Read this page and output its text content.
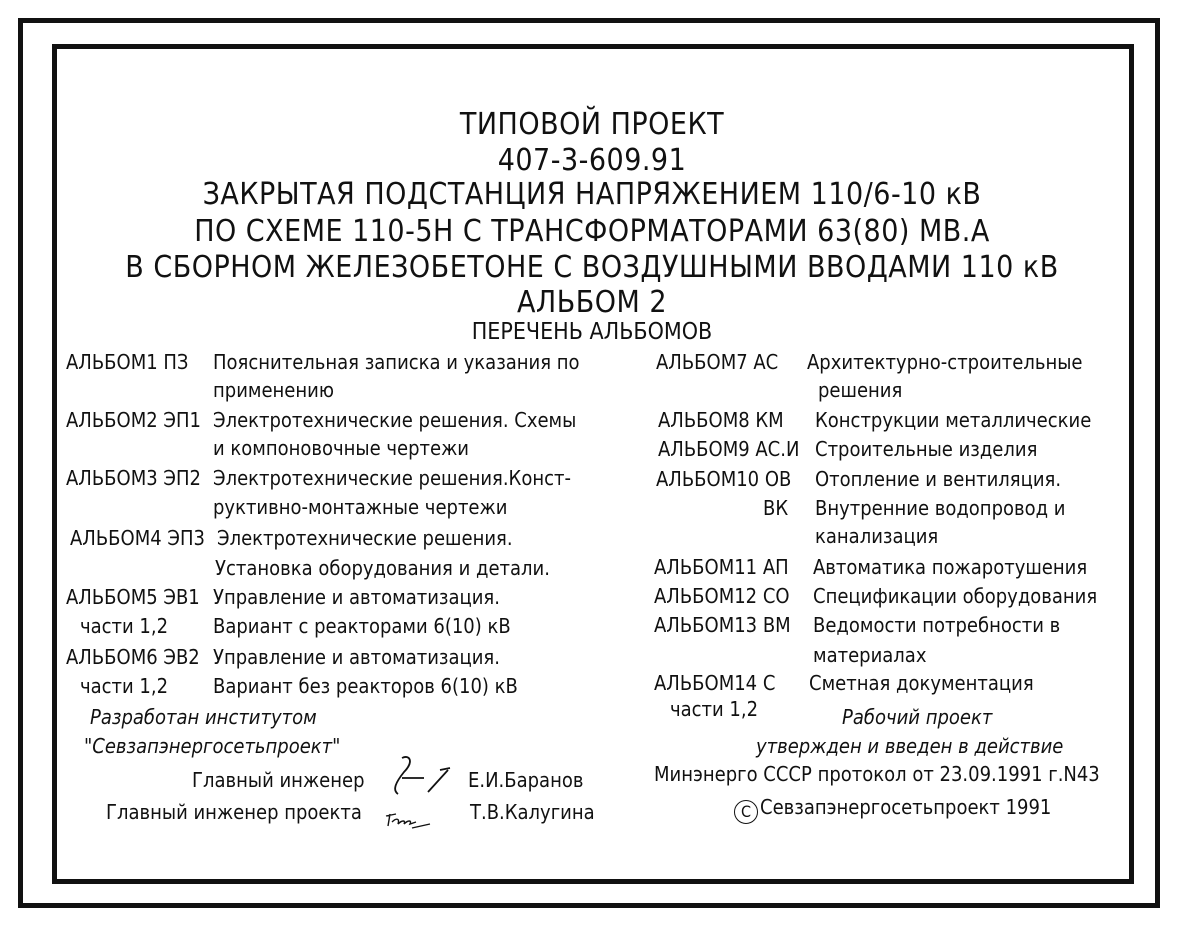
ТИПОВОЙ ПРОЕКТ
407-3-609.91
ЗАКРЫТАЯ ПОДСТАНЦИЯ НАПРЯЖЕНИЕМ 110/6-10 кВ
ПО СХЕМЕ 110-5Н С ТРАНСФОРМАТОРАМИ 63(80) МВ.А
В СБОРНОМ ЖЕЛЕЗОБЕТОНЕ С ВОЗДУШНЫМИ ВВОДАМИ 110 кВ
АЛЬБОМ 2
ПЕРЕЧЕНЬ АЛЬБОМОВ
АЛЬБОМ1 ПЗ Пояснительная записка и указания по
применению
АЛЬБОМ2 ЭП1 Электротехнические решения. Схемы
и компоновочные чертежи
АЛЬБОМ3 ЭП2 Электротехнические решения.Конст-
руктивно-монтажные чертежи
АЛЬБОМ4 ЭП3 Электротехнические решения.
Установка оборудования и детали.
АЛЬБОМ5 ЭВ1 Управление и автоматизация.
части 1,2 Вариант с реакторами 6(10) кВ
АЛЬБОМ6 ЭВ2 Управление и автоматизация.
части 1,2 Вариант без реакторов 6(10) кВ
АЛЬБОМ7 АС Архитектурно-строительные
решения
АЛЬБОМ8 КМ Конструкции металлические
АЛЬБОМ9 АС.И Строительные изделия
АЛЬБОМ10 ОВ Отопление и вентиляция.
ВК Внутренние водопровод и
канализация
АЛЬБОМ11 АП Автоматика пожаротушения
АЛЬБОМ12 СО Спецификации оборудования
АЛЬБОМ13 ВМ Ведомости потребности в
материалах
АЛЬБОМ14 С Сметная документация
части 1,2
Разработан институтом
"Севзапэнергосетьпроект"
Рабочий проект
утвержден и введен в действие
Минэнерго СССР протокол от 23.09.1991 г.N43
Главный инженер	Е.И.Баранов
Главный инженер проекта	Т.В.Калугина	C Севзапэнергосетьпроект 1991
